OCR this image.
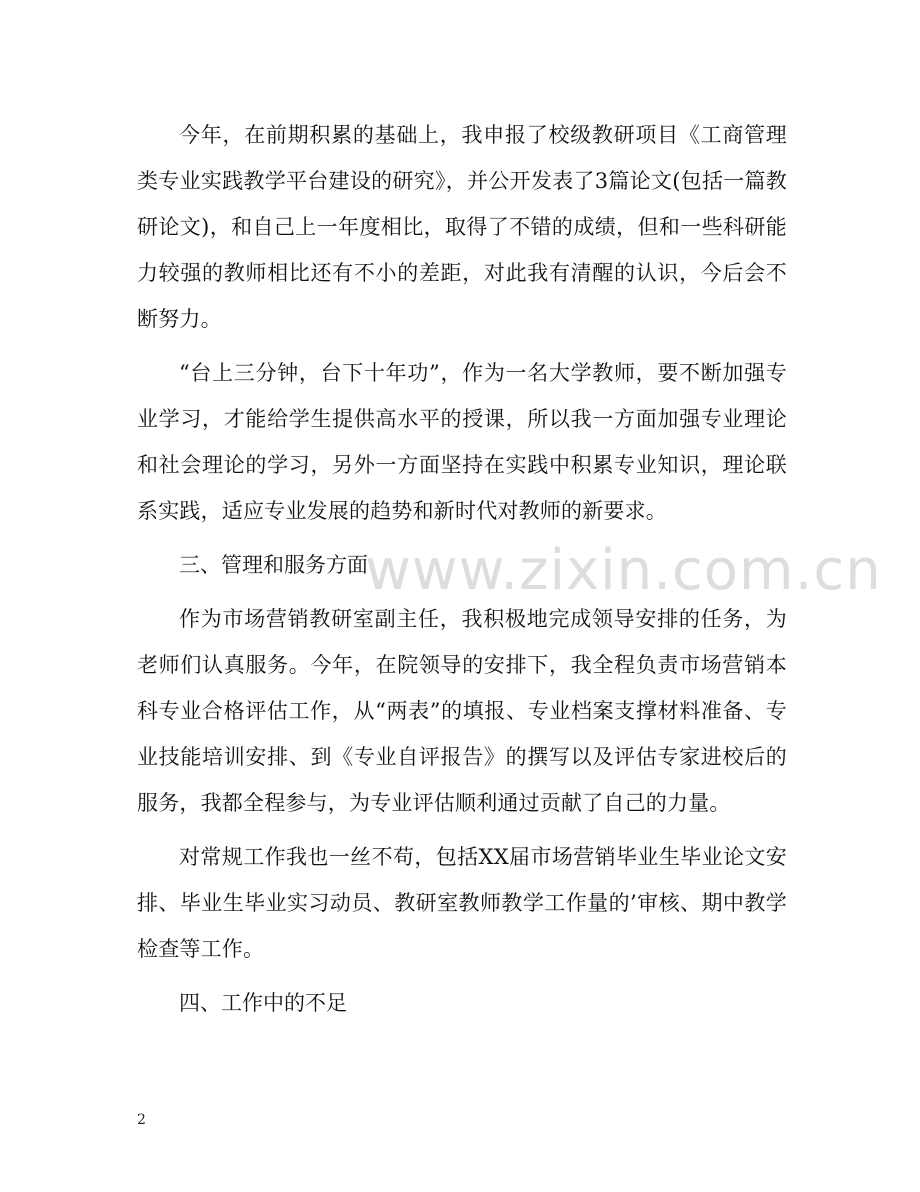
今年，在前期积累的基础上，我申报了校级教研项目《工商管理类专业实践教学平台建设的研究》，并公开发表了3篇论文(包括一篇教研论文)，和自己上一年度相比，取得了不错的成绩，但和一些科研能力较强的教师相比还有不小的差距，对此我有清醒的认识，今后会不断努力。

“台上三分钟，台下十年功”，作为一名大学教师，要不断加强专业学习，才能给学生提供高水平的授课，所以我一方面加强专业理论和社会理论的学习，另外一方面坚持在实践中积累专业知识，理论联系实践，适应专业发展的趋势和新时代对教师的新要求。

三、管理和服务方面

作为市场营销教研室副主任，我积极地完成领导安排的任务，为老师们认真服务。今年，在院领导的安排下，我全程负责市场营销本科专业合格评估工作，从“两表”的填报、专业档案支撑材料准备、专业技能培训安排、到《专业自评报告》的撰写以及评估专家进校后的服务，我都全程参与，为专业评估顺利通过贡献了自己的力量。

对常规工作我也一丝不苟，包括XX届市场营销毕业生毕业论文安排、毕业生毕业实习动员、教研室教师教学工作量的’审核、期中教学检查等工作。

四、工作中的不足

www.zixin.com.cn
2
